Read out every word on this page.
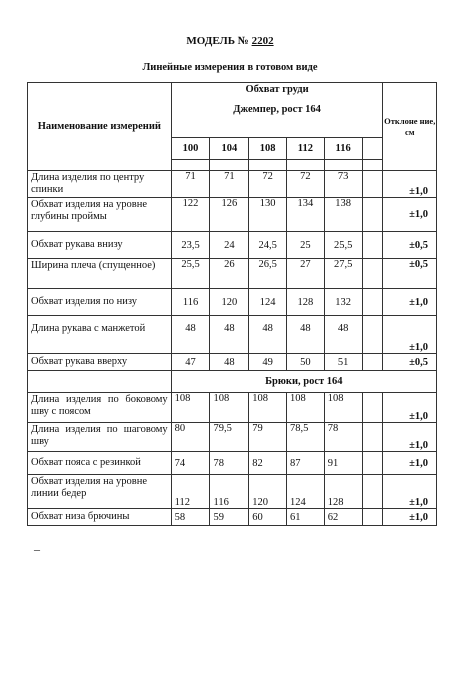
МОДЕЛЬ № 2202
Линейные измерения в готовом виде
Наименование измерений	Обхват груди
Джемпер, рост 164						Отклоне ние, см
	100	104	108	112	116		

Длина изделия по центру спинки	71	71	72	72	73		±1,0
Обхват изделия на уровне глубины проймы	122	126	130	134	138		±1,0
Обхват рукава внизу	23,5	24	24,5	25	25,5		±0,5
Ширина плеча (спущенное)	25,5	26	26,5	27	27,5		±0,5
Обхват изделия по низу	116	120	124	128	132		±1,0
Длина рукава с манжетой	48	48	48	48	48		±1,0
Обхват рукава вверху	47	48	49	50	51		±0,5
	Брюки, рост 164						
Длина изделия по боковому шву с поясом	108	108	108	108	108		±1,0
Длина изделия по шаговому шву	80	79,5	79	78,5	78		±1,0
Обхват пояса с резинкой	74	78	82	87	91		±1,0
Обхват изделия на уровне линии бедер	112	116	120	124	128		±1,0
Обхват низа брючины	58	59	60	61	62		±1,0
–
